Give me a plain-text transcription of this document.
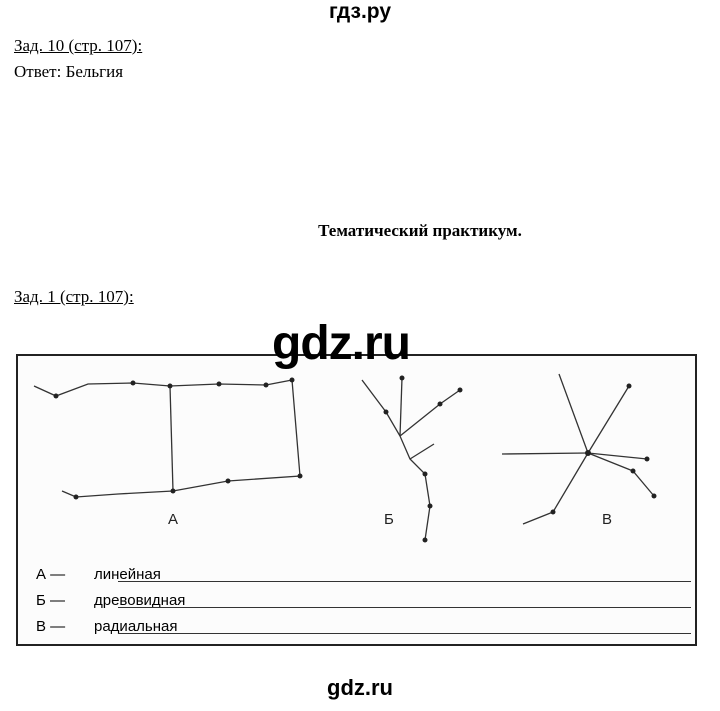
гдз.ру
Зад. 10 (стр. 107):
Ответ: Бельгия
Тематический практикум.
Зад. 1 (стр. 107):
gdz.ru

А	Б	В
А — линейная
Б — древовидная
В — радиальная
gdz.ru
